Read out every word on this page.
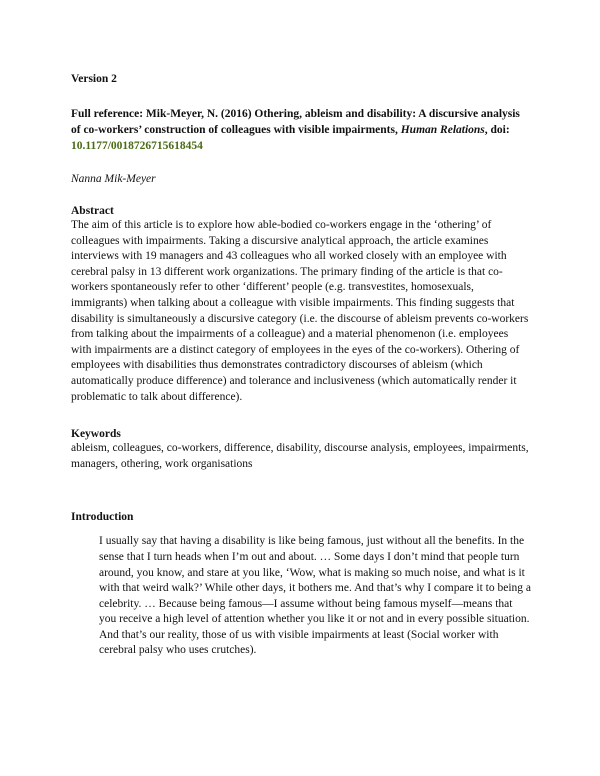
Version 2

Full reference: Mik-Meyer, N. (2016) Othering, ableism and disability: A discursive analysis of co-workers’ construction of colleagues with visible impairments, Human Relations, doi:  10.1177/0018726715618454

Nanna Mik-Meyer

Abstract

The aim of this article is to explore how able-bodied co-workers engage in the ‘othering’ of colleagues with impairments. Taking a discursive analytical approach, the article examines interviews with 19 managers and 43 colleagues who all worked closely with an employee with cerebral palsy in 13 different work organizations. The primary finding of the article is that co-workers spontaneously refer to other ‘different’ people (e.g. transvestites, homosexuals, immigrants) when talking about a colleague with visible impairments. This finding suggests that disability is simultaneously a discursive category (i.e. the discourse of ableism prevents co-workers from talking about the impairments of a colleague) and a material phenomenon (i.e. employees with impairments are a distinct category of employees in the eyes of the co-workers). Othering of employees with disabilities thus demonstrates contradictory discourses of ableism (which automatically produce difference) and tolerance and inclusiveness (which automatically render it problematic to talk about difference).

Keywords

ableism, colleagues, co-workers, difference, disability, discourse analysis, employees, impairments, managers, othering, work organisations

Introduction

I usually say that having a disability is like being famous, just without all the benefits. In the sense that I turn heads when I’m out and about. … Some days I don’t mind that people turn around, you know, and stare at you like, ‘Wow, what is making so much noise, and what is it with that weird walk?’ While other days, it bothers me. And that’s why I compare it to being a celebrity. … Because being famous—I assume without being famous myself—means that you receive a high level of attention whether you like it or not and in every possible situation. And that’s our reality, those of us with visible impairments at least (Social worker with cerebral palsy who uses crutches).
